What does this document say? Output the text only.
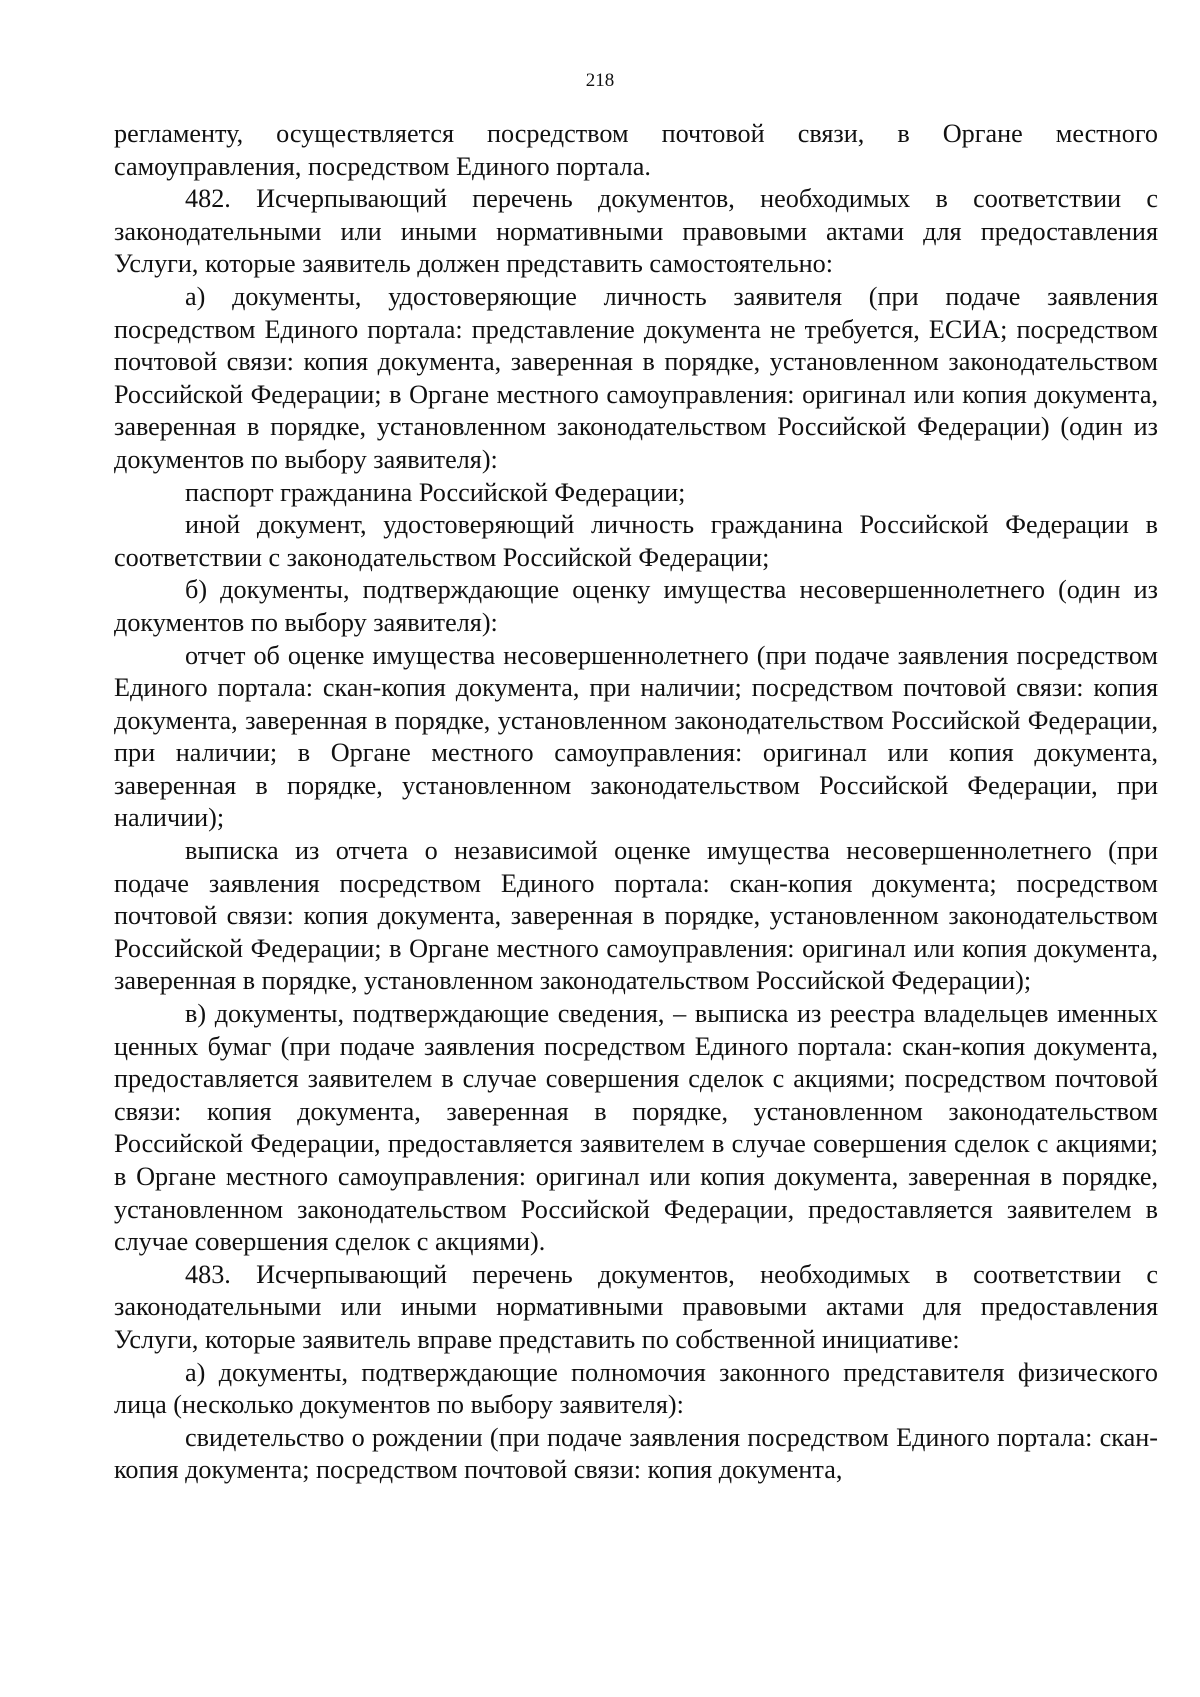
218

регламенту, осуществляется посредством почтовой связи, в Органе местного самоуправления, посредством Единого портала.

482. Исчерпывающий перечень документов, необходимых в соответствии с законодательными или иными нормативными правовыми актами для предоставления Услуги, которые заявитель должен представить самостоятельно:

а) документы, удостоверяющие личность заявителя (при подаче заявления посредством Единого портала: представление документа не требуется, ЕСИА; посредством почтовой связи: копия документа, заверенная в порядке, установленном законодательством Российской Федерации; в Органе местного самоуправления: оригинал или копия документа, заверенная в порядке, установленном законодательством Российской Федерации) (один из документов по выбору заявителя):

паспорт гражданина Российской Федерации;

иной документ, удостоверяющий личность гражданина Российской Федерации в соответствии с законодательством Российской Федерации;

б) документы, подтверждающие оценку имущества несовершеннолетнего (один из документов по выбору заявителя):

отчет об оценке имущества несовершеннолетнего (при подаче заявления посредством Единого портала: скан-копия документа, при наличии; посредством почтовой связи: копия документа, заверенная в порядке, установленном законодательством Российской Федерации, при наличии; в Органе местного самоуправления: оригинал или копия документа, заверенная в порядке, установленном законодательством Российской Федерации, при наличии);

выписка из отчета о независимой оценке имущества несовершеннолетнего (при подаче заявления посредством Единого портала: скан-копия документа; посредством почтовой связи: копия документа, заверенная в порядке, установленном законодательством Российской Федерации; в Органе местного самоуправления: оригинал или копия документа, заверенная в порядке, установленном законодательством Российской Федерации);

в) документы, подтверждающие сведения, – выписка из реестра владельцев именных ценных бумаг (при подаче заявления посредством Единого портала: скан-копия документа, предоставляется заявителем в случае совершения сделок с акциями; посредством почтовой связи: копия документа, заверенная в порядке, установленном законодательством Российской Федерации, предоставляется заявителем в случае совершения сделок с акциями; в Органе местного самоуправления: оригинал или копия документа, заверенная в порядке, установленном законодательством Российской Федерации, предоставляется заявителем в случае совершения сделок с акциями).

483. Исчерпывающий перечень документов, необходимых в соответствии с законодательными или иными нормативными правовыми актами для предоставления Услуги, которые заявитель вправе представить по собственной инициативе:

а) документы, подтверждающие полномочия законного представителя физического лица (несколько документов по выбору заявителя):

свидетельство о рождении (при подаче заявления посредством Единого портала: скан-копия документа; посредством почтовой связи: копия документа,
